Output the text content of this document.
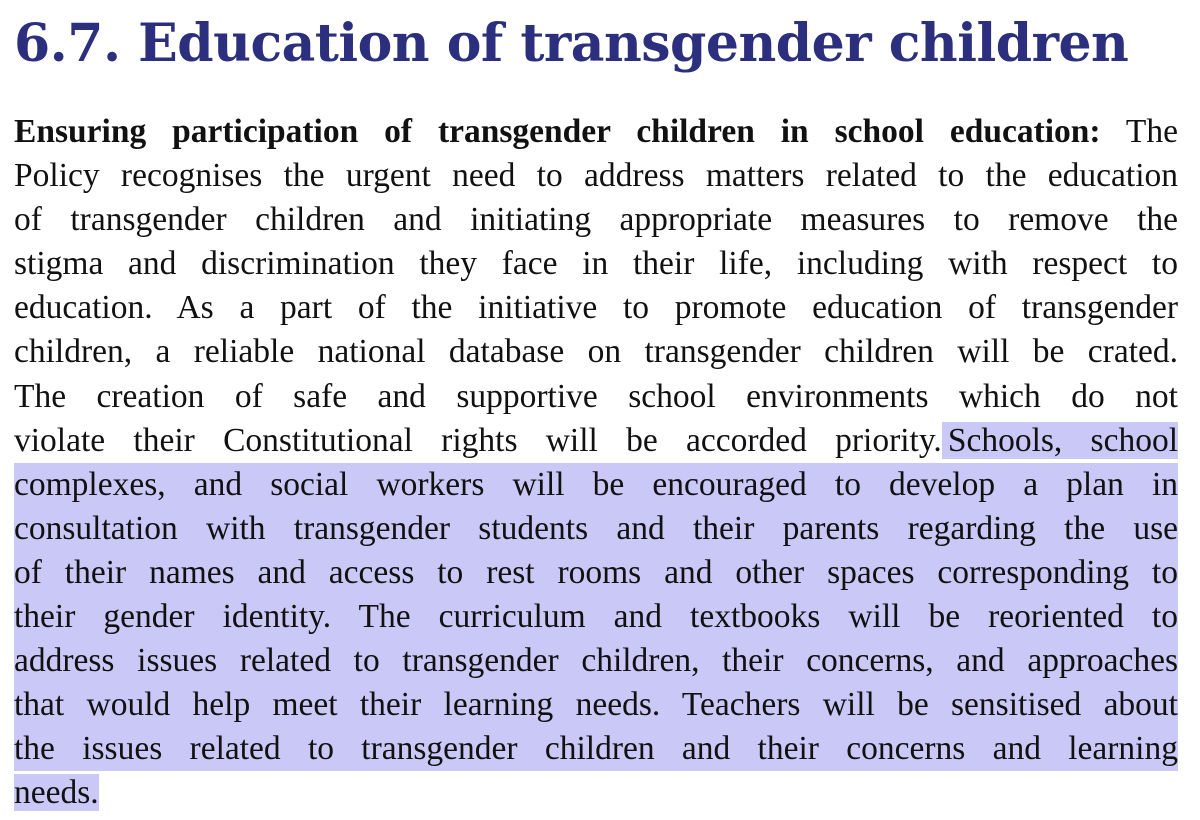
6.7. Education of transgender children
Ensuring participation of transgender children in school education: The
Policy recognises the urgent need to address matters related to the education
of transgender children and initiating appropriate measures to remove the
stigma and discrimination they face in their life, including with respect to
education. As a part of the initiative to promote education of transgender
children, a reliable national database on transgender children will be crated.
The creation of safe and supportive school environments which do not
violate their Constitutional rights will be accorded priority. Schools, school
complexes, and social workers will be encouraged to develop a plan in
consultation with transgender students and their parents regarding the use
of their names and access to rest rooms and other spaces corresponding to
their gender identity. The curriculum and textbooks will be reoriented to
address issues related to transgender children, their concerns, and approaches
that would help meet their learning needs. Teachers will be sensitised about
the issues related to transgender children and their concerns and learning
needs.
